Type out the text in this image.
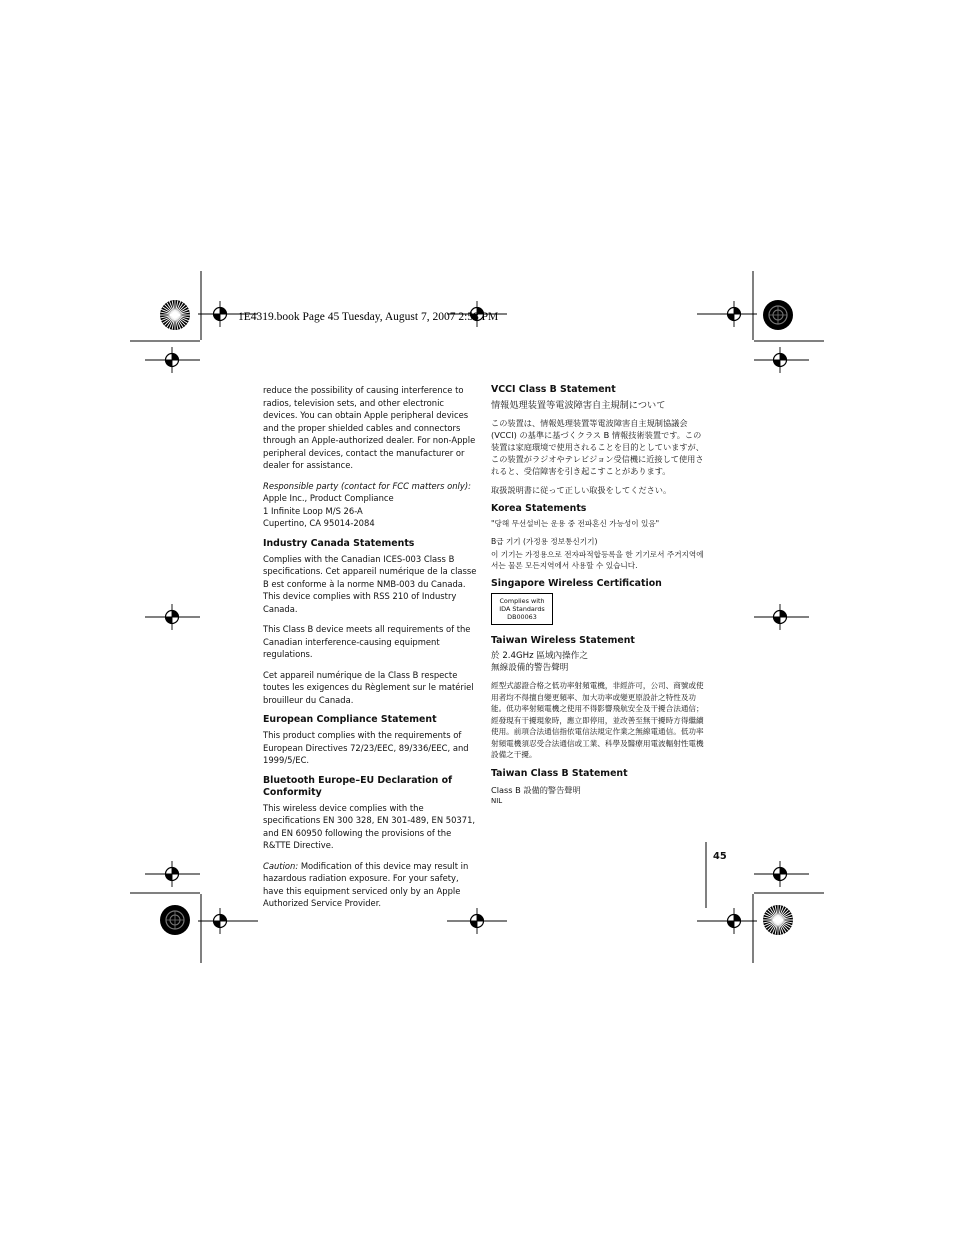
1E4319.book Page 45 Tuesday, August 7, 2007 2:58 PM

reduce the possibility of causing interference to radios, television sets, and other electronic devices. You can obtain Apple peripheral devices and the proper shielded cables and connectors through an Apple-authorized dealer. For non-Apple peripheral devices, contact the manufacturer or dealer for assistance.

Responsible party (contact for FCC matters only):

Apple Inc., Product Compliance
1 Infinite Loop M/S 26-A
Cupertino, CA 95014-2084
Industry Canada Statements

Complies with the Canadian ICES-003 Class B specifications. Cet appareil numérique de la classe B est conforme à la norme NMB-003 du Canada. This device complies with RSS 210 of Industry Canada.

This Class B device meets all requirements of the Canadian interference-causing equipment regulations.

Cet appareil numérique de la Class B respecte toutes les exigences du Règlement sur le matériel brouilleur du Canada.

European Compliance Statement

This product complies with the requirements of European Directives 72/23/EEC, 89/336/EEC, and 1999/5/EC.

Bluetooth Europe–EU Declaration of Conformity

This wireless device complies with the specifications EN 300 328, EN 301-489, EN 50371, and EN 60950 following the provisions of the R&TTE Directive.

Caution: Modification of this device may result in hazardous radiation exposure. For your safety, have this equipment serviced only by an Apple Authorized Service Provider.

VCCI Class B Statement

情報処理装置等電波障害自主規制について

この装置は、情報処理装置等電波障害自主規制協議会 (VCCI) の基準に基づくクラス B 情報技術装置です。この装置は家庭環境で使用されることを目的としていますが、この装置がラジオやテレビジョン受信機に近接して使用されると、受信障害を引き起こすことがあります。

取扱説明書に従って正しい取扱をしてください。

Korea Statements

"당해 무선설비는 운용 중 전파혼신 가능성이 있음"

B급 기기 (가정용 정보통신기기)

이 기기는 가정용으로 전자파적합등록을 한 기기로서 주거지역에서는 물론 모든지역에서 사용할 수 있습니다.

Singapore Wireless Certification
Complies with
IDA Standards
DB00063
Taiwan Wireless Statement
於 2.4GHz 區域內操作之
無線設備的警告聲明

經型式認證合格之低功率射頻電機，非經許可，公司、商號或使用者均不得擅自變更頻率、加大功率或變更原設計之特性及功能。低功率射頻電機之使用不得影響飛航安全及干擾合法通信；經發現有干擾現象時，應立即停用，並改善至無干擾時方得繼續使用。前項合法通信指依電信法規定作業之無線電通信。低功率射頻電機須忍受合法通信或工業、科學及醫療用電波輻射性電機設備之干擾。

Taiwan Class B Statement

Class B 設備的警告聲明

NIL

45
